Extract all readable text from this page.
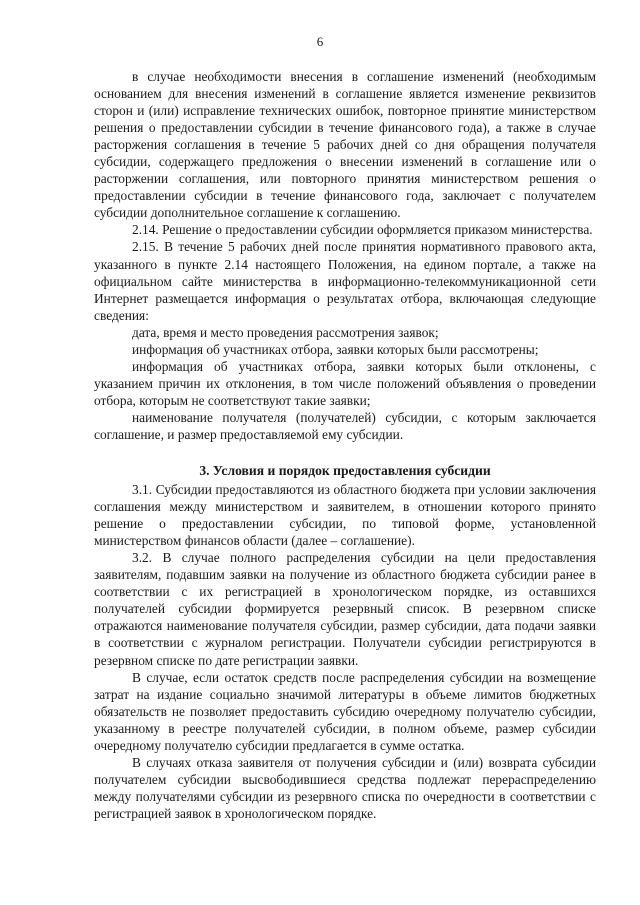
6

в случае необходимости внесения в соглашение изменений (необходимым основанием для внесения изменений в соглашение является изменение реквизитов сторон и (или) исправление технических ошибок, повторное принятие министерством решения о предоставлении субсидии в течение финансового года), а также в случае расторжения соглашения в течение 5 рабочих дней со дня обращения получателя субсидии, содержащего предложения о внесении изменений в соглашение или о расторжении соглашения, или повторного принятия министерством решения о предоставлении субсидии в течение финансового года, заключает с получателем субсидии дополнительное соглашение к соглашению.

2.14. Решение о предоставлении субсидии оформляется приказом министерства.

2.15. В течение 5 рабочих дней после принятия нормативного правового акта, указанного в пункте 2.14 настоящего Положения, на едином портале, а также на официальном сайте министерства в информационно-телекоммуникационной сети Интернет размещается информация о результатах отбора, включающая следующие сведения:

дата, время и место проведения рассмотрения заявок;

информация об участниках отбора, заявки которых были рассмотрены;

информация об участниках отбора, заявки которых были отклонены, с указанием причин их отклонения, в том числе положений объявления о проведении отбора, которым не соответствуют такие заявки;

наименование получателя (получателей) субсидии, с которым заключается соглашение, и размер предоставляемой ему субсидии.

3. Условия и порядок предоставления субсидии

3.1. Субсидии предоставляются из областного бюджета при условии заключения соглашения между министерством и заявителем, в отношении которого принято решение о предоставлении субсидии, по типовой форме, установленной министерством финансов области (далее – соглашение).

3.2. В случае полного распределения субсидии на цели предоставления заявителям, подавшим заявки на получение из областного бюджета субсидии ранее в соответствии с их регистрацией в хронологическом порядке, из оставшихся получателей субсидии формируется резервный список. В резервном списке отражаются наименование получателя субсидии, размер субсидии, дата подачи заявки в соответствии с журналом регистрации. Получатели субсидии регистрируются в резервном списке по дате регистрации заявки.

В случае, если остаток средств после распределения субсидии на возмещение затрат на издание социально значимой литературы в объеме лимитов бюджетных обязательств не позволяет предоставить субсидию очередному получателю субсидии, указанному в реестре получателей субсидии, в полном объеме, размер субсидии очередному получателю субсидии предлагается в сумме остатка.

В случаях отказа заявителя от получения субсидии и (или) возврата субсидии получателем субсидии высвободившиеся средства подлежат перераспределению между получателями субсидии из резервного списка по очередности в соответствии с регистрацией заявок в хронологическом порядке.
